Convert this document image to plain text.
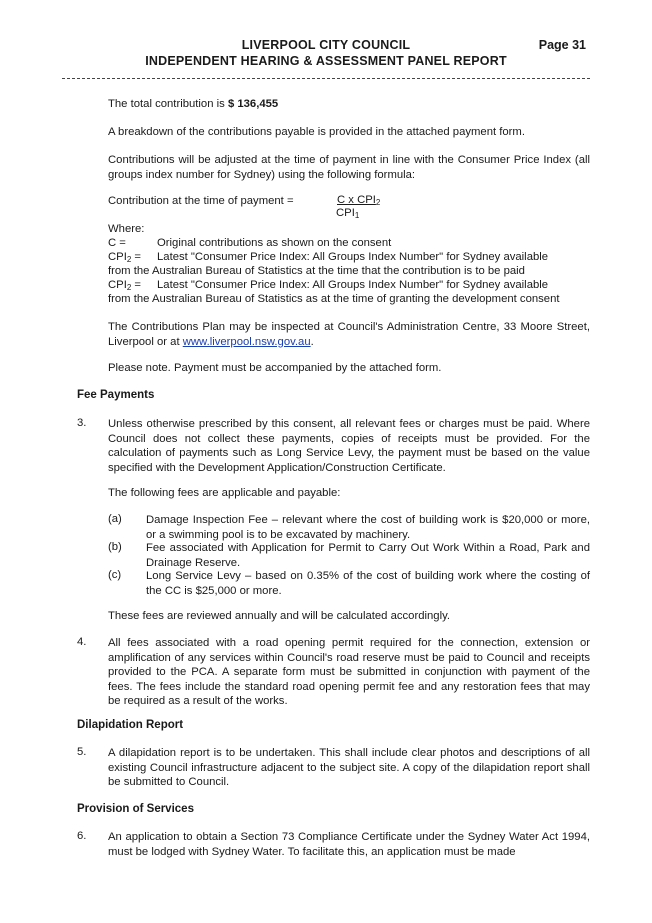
LIVERPOOL CITY COUNCIL
INDEPENDENT HEARING & ASSESSMENT PANEL REPORT
Page 31
The total contribution is $ 136,455
A breakdown of the contributions payable is provided in the attached payment form.
Contributions will be adjusted at the time of payment in line with the Consumer Price Index (all groups index number for Sydney) using the following formula:
Contribution at the time of payment =	C x $CPI_2$
$CPI_1$
Where:
C =	Original contributions as shown on the consent
$CPI_2$ = Latest "Consumer Price Index: All Groups Index Number" for Sydney available
from the Australian Bureau of Statistics at the time that the contribution is to be paid
$CPI_2$ = Latest "Consumer Price Index: All Groups Index Number" for Sydney available
from the Australian Bureau of Statistics as at the time of granting the development consent
The Contributions Plan may be inspected at Council's Administration Centre, 33 Moore Street, Liverpool or at www.liverpool.nsw.gov.au.
Please note. Payment must be accompanied by the attached form.
Fee Payments
3. Unless otherwise prescribed by this consent, all relevant fees or charges must be paid. Where Council does not collect these payments, copies of receipts must be provided. For the calculation of payments such as Long Service Levy, the payment must be based on the value specified with the Development Application/Construction Certificate.
The following fees are applicable and payable:
(a) Damage Inspection Fee – relevant where the cost of building work is $20,000 or more, or a swimming pool is to be excavated by machinery.
(b) Fee associated with Application for Permit to Carry Out Work Within a Road, Park and Drainage Reserve.
(c) Long Service Levy – based on 0.35% of the cost of building work where the costing of the CC is $25,000 or more.
These fees are reviewed annually and will be calculated accordingly.
4. All fees associated with a road opening permit required for the connection, extension or amplification of any services within Council's road reserve must be paid to Council and receipts provided to the PCA. A separate form must be submitted in conjunction with payment of the fees. The fees include the standard road opening permit fee and any restoration fees that may be required as a result of the works.
Dilapidation Report
5. A dilapidation report is to be undertaken. This shall include clear photos and descriptions of all existing Council infrastructure adjacent to the subject site. A copy of the dilapidation report shall be submitted to Council.
Provision of Services
6. An application to obtain a Section 73 Compliance Certificate under the Sydney Water Act 1994, must be lodged with Sydney Water. To facilitate this, an application must be made
